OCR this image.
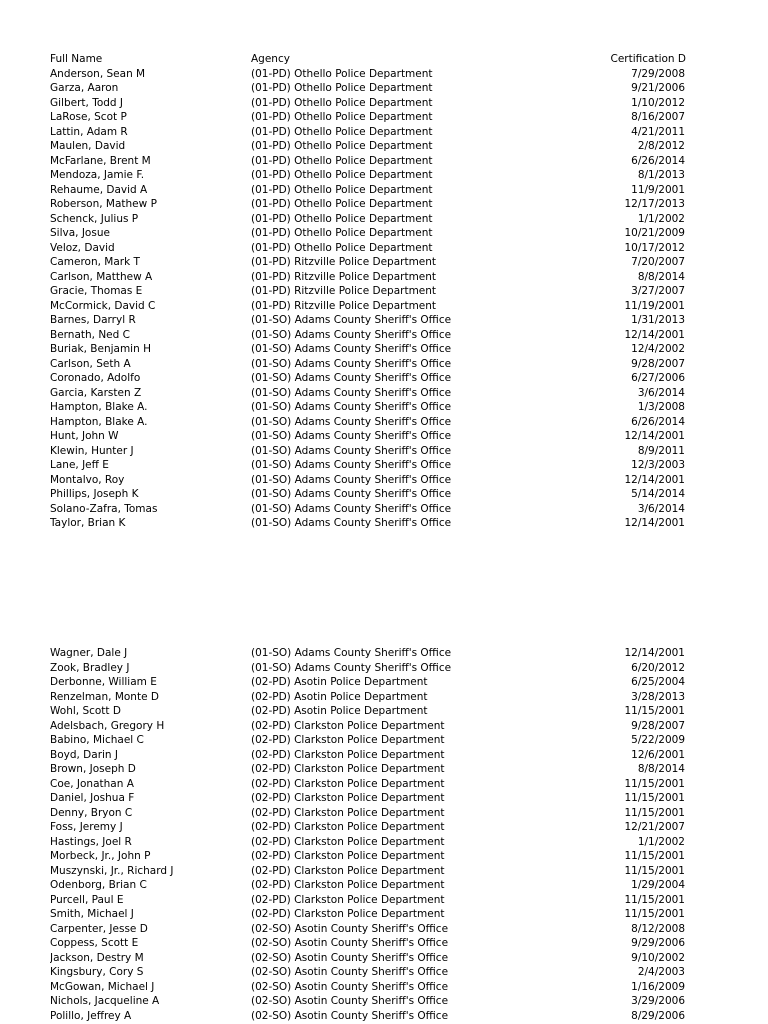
Full Name	Agency	Certification D
Anderson, Sean M	(01-PD) Othello Police Department	7/29/2008
Garza, Aaron	(01-PD) Othello Police Department	9/21/2006
Gilbert, Todd J	(01-PD) Othello Police Department	1/10/2012
LaRose, Scot P	(01-PD) Othello Police Department	8/16/2007
Lattin, Adam R	(01-PD) Othello Police Department	4/21/2011
Maulen, David	(01-PD) Othello Police Department	2/8/2012
McFarlane, Brent M	(01-PD) Othello Police Department	6/26/2014
Mendoza, Jamie F.	(01-PD) Othello Police Department	8/1/2013
Rehaume, David A	(01-PD) Othello Police Department	11/9/2001
Roberson, Mathew P	(01-PD) Othello Police Department	12/17/2013
Schenck, Julius P	(01-PD) Othello Police Department	1/1/2002
Silva, Josue	(01-PD) Othello Police Department	10/21/2009
Veloz, David	(01-PD) Othello Police Department	10/17/2012
Cameron, Mark T	(01-PD) Ritzville Police Department	7/20/2007
Carlson, Matthew A	(01-PD) Ritzville Police Department	8/8/2014
Gracie, Thomas E	(01-PD) Ritzville Police Department	3/27/2007
McCormick, David C	(01-PD) Ritzville Police Department	11/19/2001
Barnes, Darryl R	(01-SO) Adams County Sheriff's Office	1/31/2013
Bernath, Ned C	(01-SO) Adams County Sheriff's Office	12/14/2001
Buriak, Benjamin H	(01-SO) Adams County Sheriff's Office	12/4/2002
Carlson, Seth A	(01-SO) Adams County Sheriff's Office	9/28/2007
Coronado, Adolfo	(01-SO) Adams County Sheriff's Office	6/27/2006
Garcia, Karsten Z	(01-SO) Adams County Sheriff's Office	3/6/2014
Hampton, Blake A.	(01-SO) Adams County Sheriff's Office	1/3/2008
Hampton, Blake A.	(01-SO) Adams County Sheriff's Office	6/26/2014
Hunt, John W	(01-SO) Adams County Sheriff's Office	12/14/2001
Klewin, Hunter J	(01-SO) Adams County Sheriff's Office	8/9/2011
Lane, Jeff E	(01-SO) Adams County Sheriff's Office	12/3/2003
Montalvo, Roy	(01-SO) Adams County Sheriff's Office	12/14/2001
Phillips, Joseph K	(01-SO) Adams County Sheriff's Office	5/14/2014
Solano-Zafra, Tomas	(01-SO) Adams County Sheriff's Office	3/6/2014
Taylor, Brian K	(01-SO) Adams County Sheriff's Office	12/14/2001
Wagner, Dale J	(01-SO) Adams County Sheriff's Office	12/14/2001
Zook, Bradley J	(01-SO) Adams County Sheriff's Office	6/20/2012
Derbonne, William E	(02-PD) Asotin Police Department	6/25/2004
Renzelman, Monte D	(02-PD) Asotin Police Department	3/28/2013
Wohl, Scott D	(02-PD) Asotin Police Department	11/15/2001
Adelsbach, Gregory H	(02-PD) Clarkston Police Department	9/28/2007
Babino, Michael C	(02-PD) Clarkston Police Department	5/22/2009
Boyd, Darin J	(02-PD) Clarkston Police Department	12/6/2001
Brown, Joseph D	(02-PD) Clarkston Police Department	8/8/2014
Coe, Jonathan A	(02-PD) Clarkston Police Department	11/15/2001
Daniel, Joshua F	(02-PD) Clarkston Police Department	11/15/2001
Denny, Bryon C	(02-PD) Clarkston Police Department	11/15/2001
Foss, Jeremy J	(02-PD) Clarkston Police Department	12/21/2007
Hastings, Joel R	(02-PD) Clarkston Police Department	1/1/2002
Morbeck, Jr., John P	(02-PD) Clarkston Police Department	11/15/2001
Muszynski, Jr., Richard J	(02-PD) Clarkston Police Department	11/15/2001
Odenborg, Brian C	(02-PD) Clarkston Police Department	1/29/2004
Purcell, Paul E	(02-PD) Clarkston Police Department	11/15/2001
Smith, Michael J	(02-PD) Clarkston Police Department	11/15/2001
Carpenter, Jesse D	(02-SO) Asotin County Sheriff's Office	8/12/2008
Coppess, Scott E	(02-SO) Asotin County Sheriff's Office	9/29/2006
Jackson, Destry M	(02-SO) Asotin County Sheriff's Office	9/10/2002
Kingsbury, Cory S	(02-SO) Asotin County Sheriff's Office	2/4/2003
McGowan, Michael J	(02-SO) Asotin County Sheriff's Office	1/16/2009
Nichols, Jacqueline A	(02-SO) Asotin County Sheriff's Office	3/29/2006
Polillo, Jeffrey A	(02-SO) Asotin County Sheriff's Office	8/29/2006
